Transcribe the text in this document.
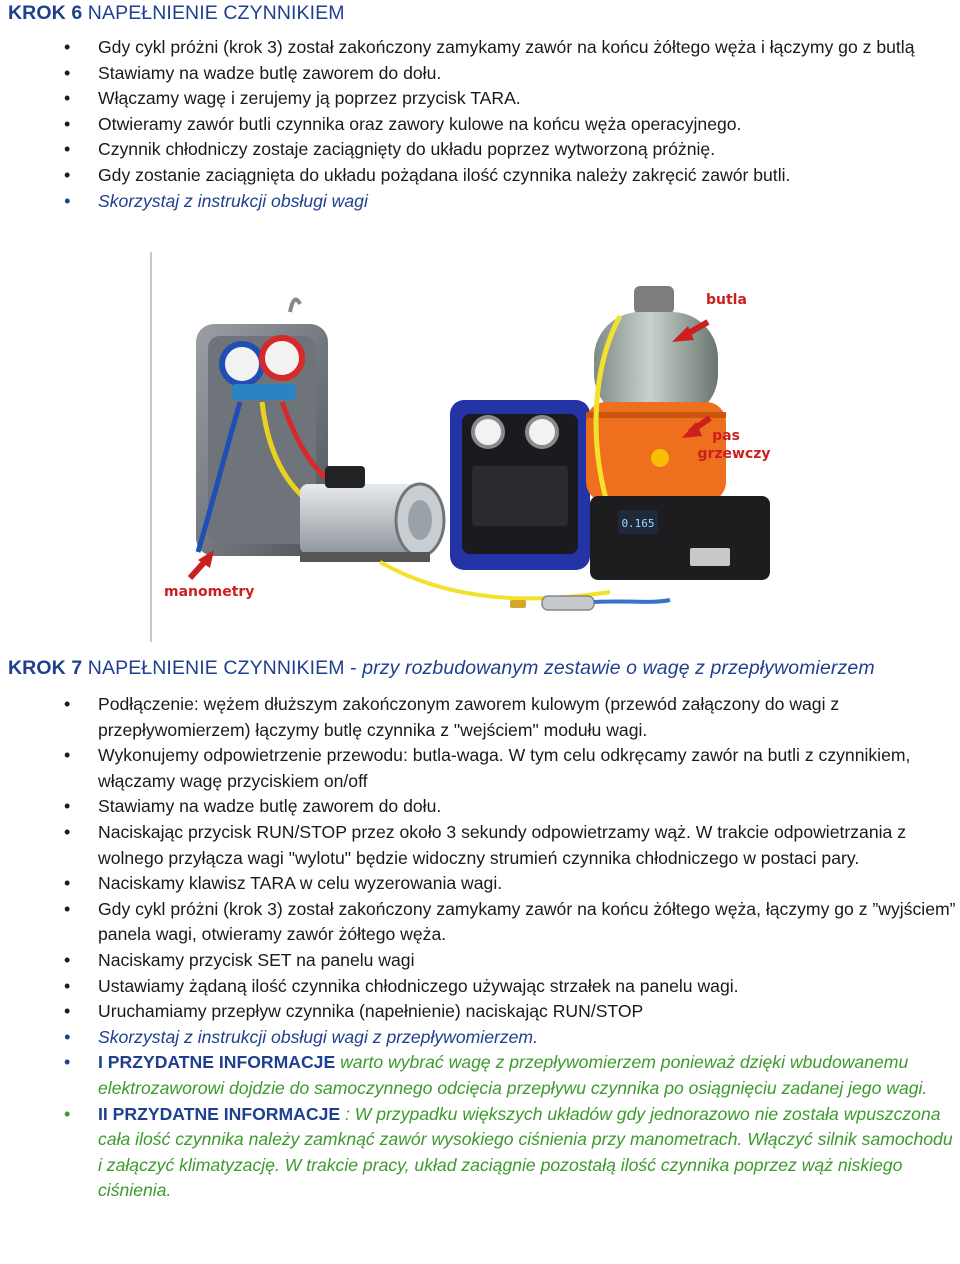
KROK 6 NAPEŁNIENIE CZYNNIKIEM
• Gdy cykl próżni (krok 3) został zakończony zamykamy zawór na końcu żółtego węża i łączymy go z butlą
• Stawiamy na wadze butlę zaworem do dołu.
• Włączamy wagę i zerujemy ją poprzez przycisk TARA.
• Otwieramy zawór butli czynnika oraz zawory kulowe na końcu węża operacyjnego.
• Czynnik chłodniczy zostaje zaciągnięty do układu poprzez wytworzoną próżnię.
• Gdy zostanie zaciągnięta do układu pożądana ilość czynnika należy zakręcić zawór butli.
• Skorzystaj z instrukcji obsługi wagi
0.165
butla
pas
grzewczy
manometry
KROK 7 NAPEŁNIENIE CZYNNIKIEM - przy rozbudowanym zestawie o wagę z przepływomierzem
• Podłączenie: wężem dłuższym zakończonym zaworem kulowym (przewód załączony do wagi z przepływomierzem) łączymy butlę czynnika z "wejściem" modułu wagi.
• Wykonujemy odpowietrzenie przewodu: butla-waga. W tym celu odkręcamy zawór na butli z czynnikiem, włączamy wagę przyciskiem on/off
• Stawiamy na wadze butlę zaworem do dołu.
• Naciskając przycisk RUN/STOP przez około 3 sekundy odpowietrzamy wąż. W trakcie odpowietrzania z wolnego przyłącza wagi "wylotu" będzie widoczny strumień czynnika chłodniczego w postaci pary.
• Naciskamy klawisz TARA w celu wyzerowania wagi.
• Gdy cykl próżni (krok 3) został zakończony zamykamy zawór na końcu żółtego węża, łączymy go z ”wyjściem” panela wagi, otwieramy zawór żółtego węża.
• Naciskamy przycisk SET na panelu wagi
• Ustawiamy żądaną ilość czynnika chłodniczego używając strzałek na panelu wagi.
• Uruchamiamy przepływ czynnika (napełnienie) naciskając RUN/STOP
• Skorzystaj z instrukcji obsługi wagi z przepływomierzem.
• I PRZYDATNE INFORMACJE warto wybrać wagę z przepływomierzem ponieważ dzięki wbudowanemu elektrozaworowi dojdzie do samoczynnego odcięcia przepływu czynnika po osiągnięciu zadanej jego wagi.
• II PRZYDATNE INFORMACJE : W przypadku większych układów gdy jednorazowo nie została wpuszczona cała ilość czynnika należy zamknąć zawór wysokiego ciśnienia przy manometrach. Włączyć silnik samochodu i załączyć klimatyzację. W trakcie pracy, układ zaciągnie pozostałą ilość czynnika poprzez wąż niskiego ciśnienia.
